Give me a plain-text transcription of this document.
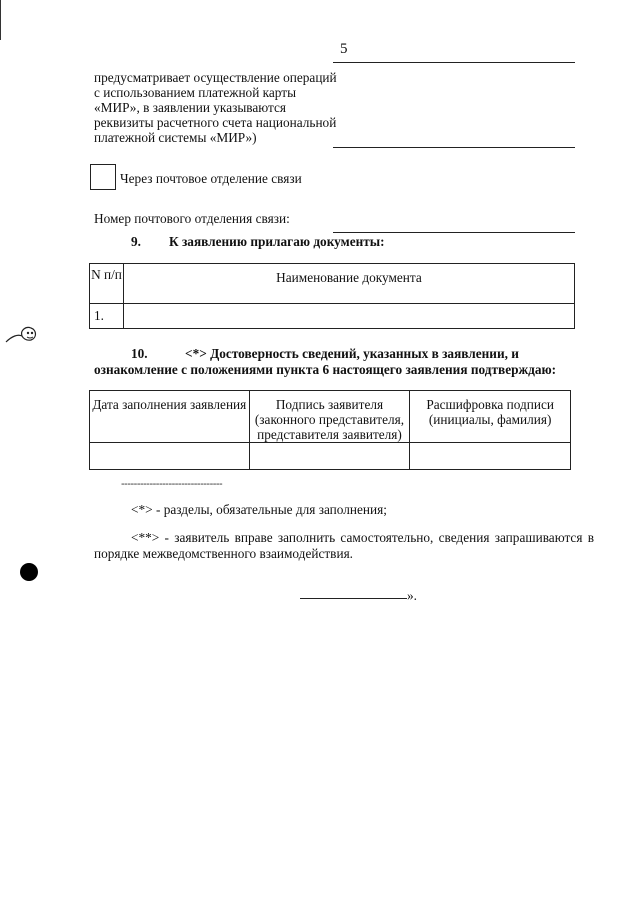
5
предусматривает осуществление операций с использованием платежной карты «МИР», в заявлении указываются реквизиты расчетного счета национальной платежной системы «МИР»)
Через почтовое отделение связи
Номер почтового отделения связи:
9. К заявлению прилагаю документы:
N п/п	Наименование документа
1.	
10.	<*> Достоверность сведений, указанных в заявлении, и ознакомление с положениями пункта 6 настоящего заявления подтверждаю:
Дата заполнения заявления	Подпись заявителя (законного представителя, представителя заявителя)	Расшифровка подписи (инициалы, фамилия)

--------------------------------
<*> - разделы, обязательные для заполнения;
<**> - заявитель вправе заполнить самостоятельно, сведения запрашиваются в порядке межведомственного взаимодействия.
».
